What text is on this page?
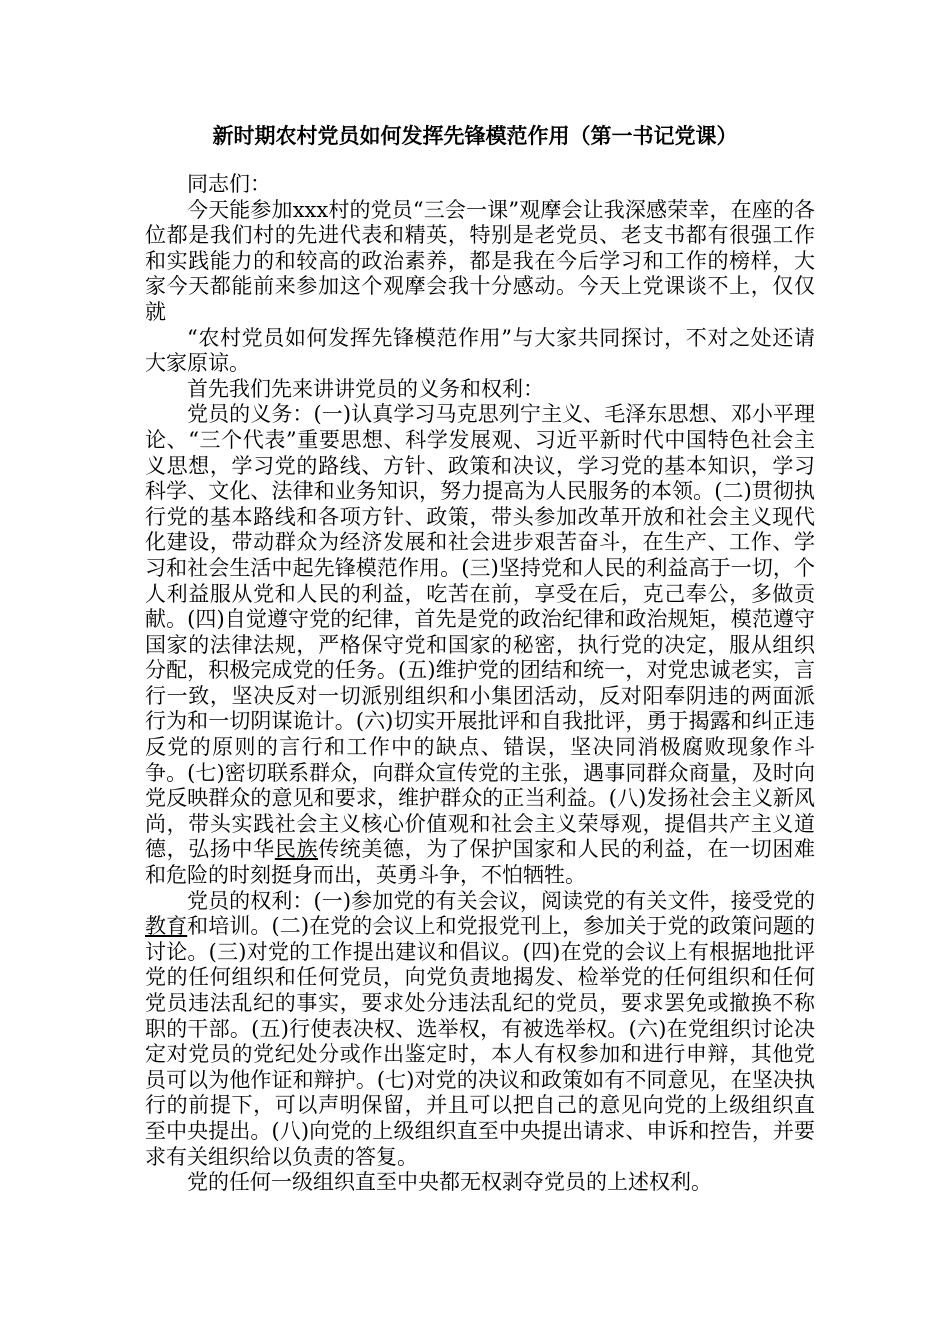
新时期农村党员如何发挥先锋模范作用（第一书记党课）

同志们：

今天能参加xxx村的党员“三会一课”观摩会让我深感荣幸，在座的各位都是我们村的先进代表和精英，特别是老党员、老支书都有很强工作和实践能力的和较高的政治素养，都是我在今后学习和工作的榜样，大家今天都能前来参加这个观摩会我十分感动。今天上党课谈不上，仅仅就

“农村党员如何发挥先锋模范作用”与大家共同探讨，不对之处还请大家原谅。

首先我们先来讲讲党员的义务和权利：

党员的义务：(一)认真学习马克思列宁主义、毛泽东思想、邓小平理论、“三个代表”重要思想、科学发展观、习近平新时代中国特色社会主义思想，学习党的路线、方针、政策和决议，学习党的基本知识，学习科学、文化、法律和业务知识，努力提高为人民服务的本领。(二)贯彻执行党的基本路线和各项方针、政策，带头参加改革开放和社会主义现代化建设，带动群众为经济发展和社会进步艰苦奋斗，在生产、工作、学习和社会生活中起先锋模范作用。(三)坚持党和人民的利益高于一切，个人利益服从党和人民的利益，吃苦在前，享受在后，克己奉公，多做贡献。(四)自觉遵守党的纪律，首先是党的政治纪律和政治规矩，模范遵守国家的法律法规，严格保守党和国家的秘密，执行党的决定，服从组织分配，积极完成党的任务。(五)维护党的团结和统一，对党忠诚老实，言行一致，坚决反对一切派别组织和小集团活动，反对阳奉阴违的两面派行为和一切阴谋诡计。(六)切实开展批评和自我批评，勇于揭露和纠正违反党的原则的言行和工作中的缺点、错误，坚决同消极腐败现象作斗争。(七)密切联系群众，向群众宣传党的主张，遇事同群众商量，及时向党反映群众的意见和要求，维护群众的正当利益。(八)发扬社会主义新风尚，带头实践社会主义核心价值观和社会主义荣辱观，提倡共产主义道德，弘扬中华民族传统美德，为了保护国家和人民的利益，在一切困难和危险的时刻挺身而出，英勇斗争，不怕牺牲。

党员的权利：(一)参加党的有关会议，阅读党的有关文件，接受党的教育和培训。(二)在党的会议上和党报党刊上，参加关于党的政策问题的讨论。(三)对党的工作提出建议和倡议。(四)在党的会议上有根据地批评党的任何组织和任何党员，向党负责地揭发、检举党的任何组织和任何党员违法乱纪的事实，要求处分违法乱纪的党员，要求罢免或撤换不称职的干部。(五)行使表决权、选举权，有被选举权。(六)在党组织讨论决定对党员的党纪处分或作出鉴定时，本人有权参加和进行申辩，其他党员可以为他作证和辩护。(七)对党的决议和政策如有不同意见，在坚决执行的前提下，可以声明保留，并且可以把自己的意见向党的上级组织直至中央提出。(八)向党的上级组织直至中央提出请求、申诉和控告，并要求有关组织给以负责的答复。

党的任何一级组织直至中央都无权剥夺党员的上述权利。
